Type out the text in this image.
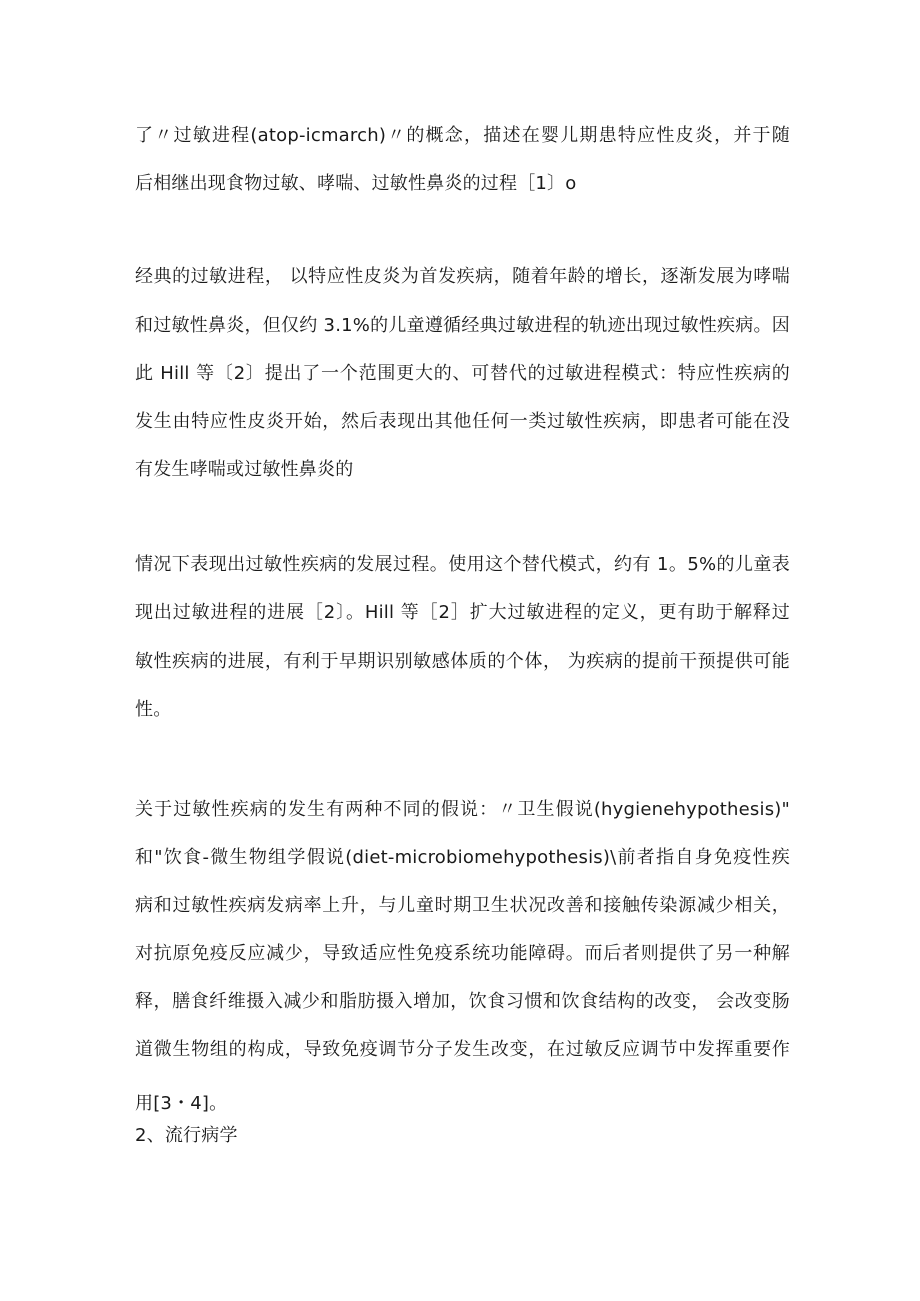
了〃过敏进程(atop-icmarch)〃的概念，描述在婴儿期患特应性皮炎，并于随
后相继出现食物过敏、哮喘、过敏性鼻炎的过程［1〕o
经典的过敏进程， 以特应性皮炎为首发疾病，随着年龄的增长，逐渐发展为哮喘
和过敏性鼻炎，但仅约 3.1%的儿童遵循经典过敏进程的轨迹出现过敏性疾病。因
此 Hill 等〔2〕提出了一个范围更大的、可替代的过敏进程模式：特应性疾病的
发生由特应性皮炎开始，然后表现出其他任何一类过敏性疾病，即患者可能在没
有发生哮喘或过敏性鼻炎的
情况下表现出过敏性疾病的发展过程。使用这个替代模式，约有 1。5%的儿童表
现出过敏进程的进展［2〕。Hill 等［2］扩大过敏进程的定义，更有助于解释过
敏性疾病的进展，有利于早期识别敏感体质的个体， 为疾病的提前干预提供可能
性。
关于过敏性疾病的发生有两种不同的假说：〃卫生假说(hygienehypothesis)"
和"饮食-微生物组学假说(diet-microbiomehypothesis)\前者指自身免疫性疾
病和过敏性疾病发病率上升，与儿童时期卫生状况改善和接触传染源减少相关，
对抗原免疫反应减少，导致适应性免疫系统功能障碍。而后者则提供了另一种解
释，膳食纤维摄入减少和脂肪摄入增加，饮食习惯和饮食结构的改变， 会改变肠
道微生物组的构成，导致免疫调节分子发生改变，在过敏反应调节中发挥重要作
用[3・4]。
2、流行病学
